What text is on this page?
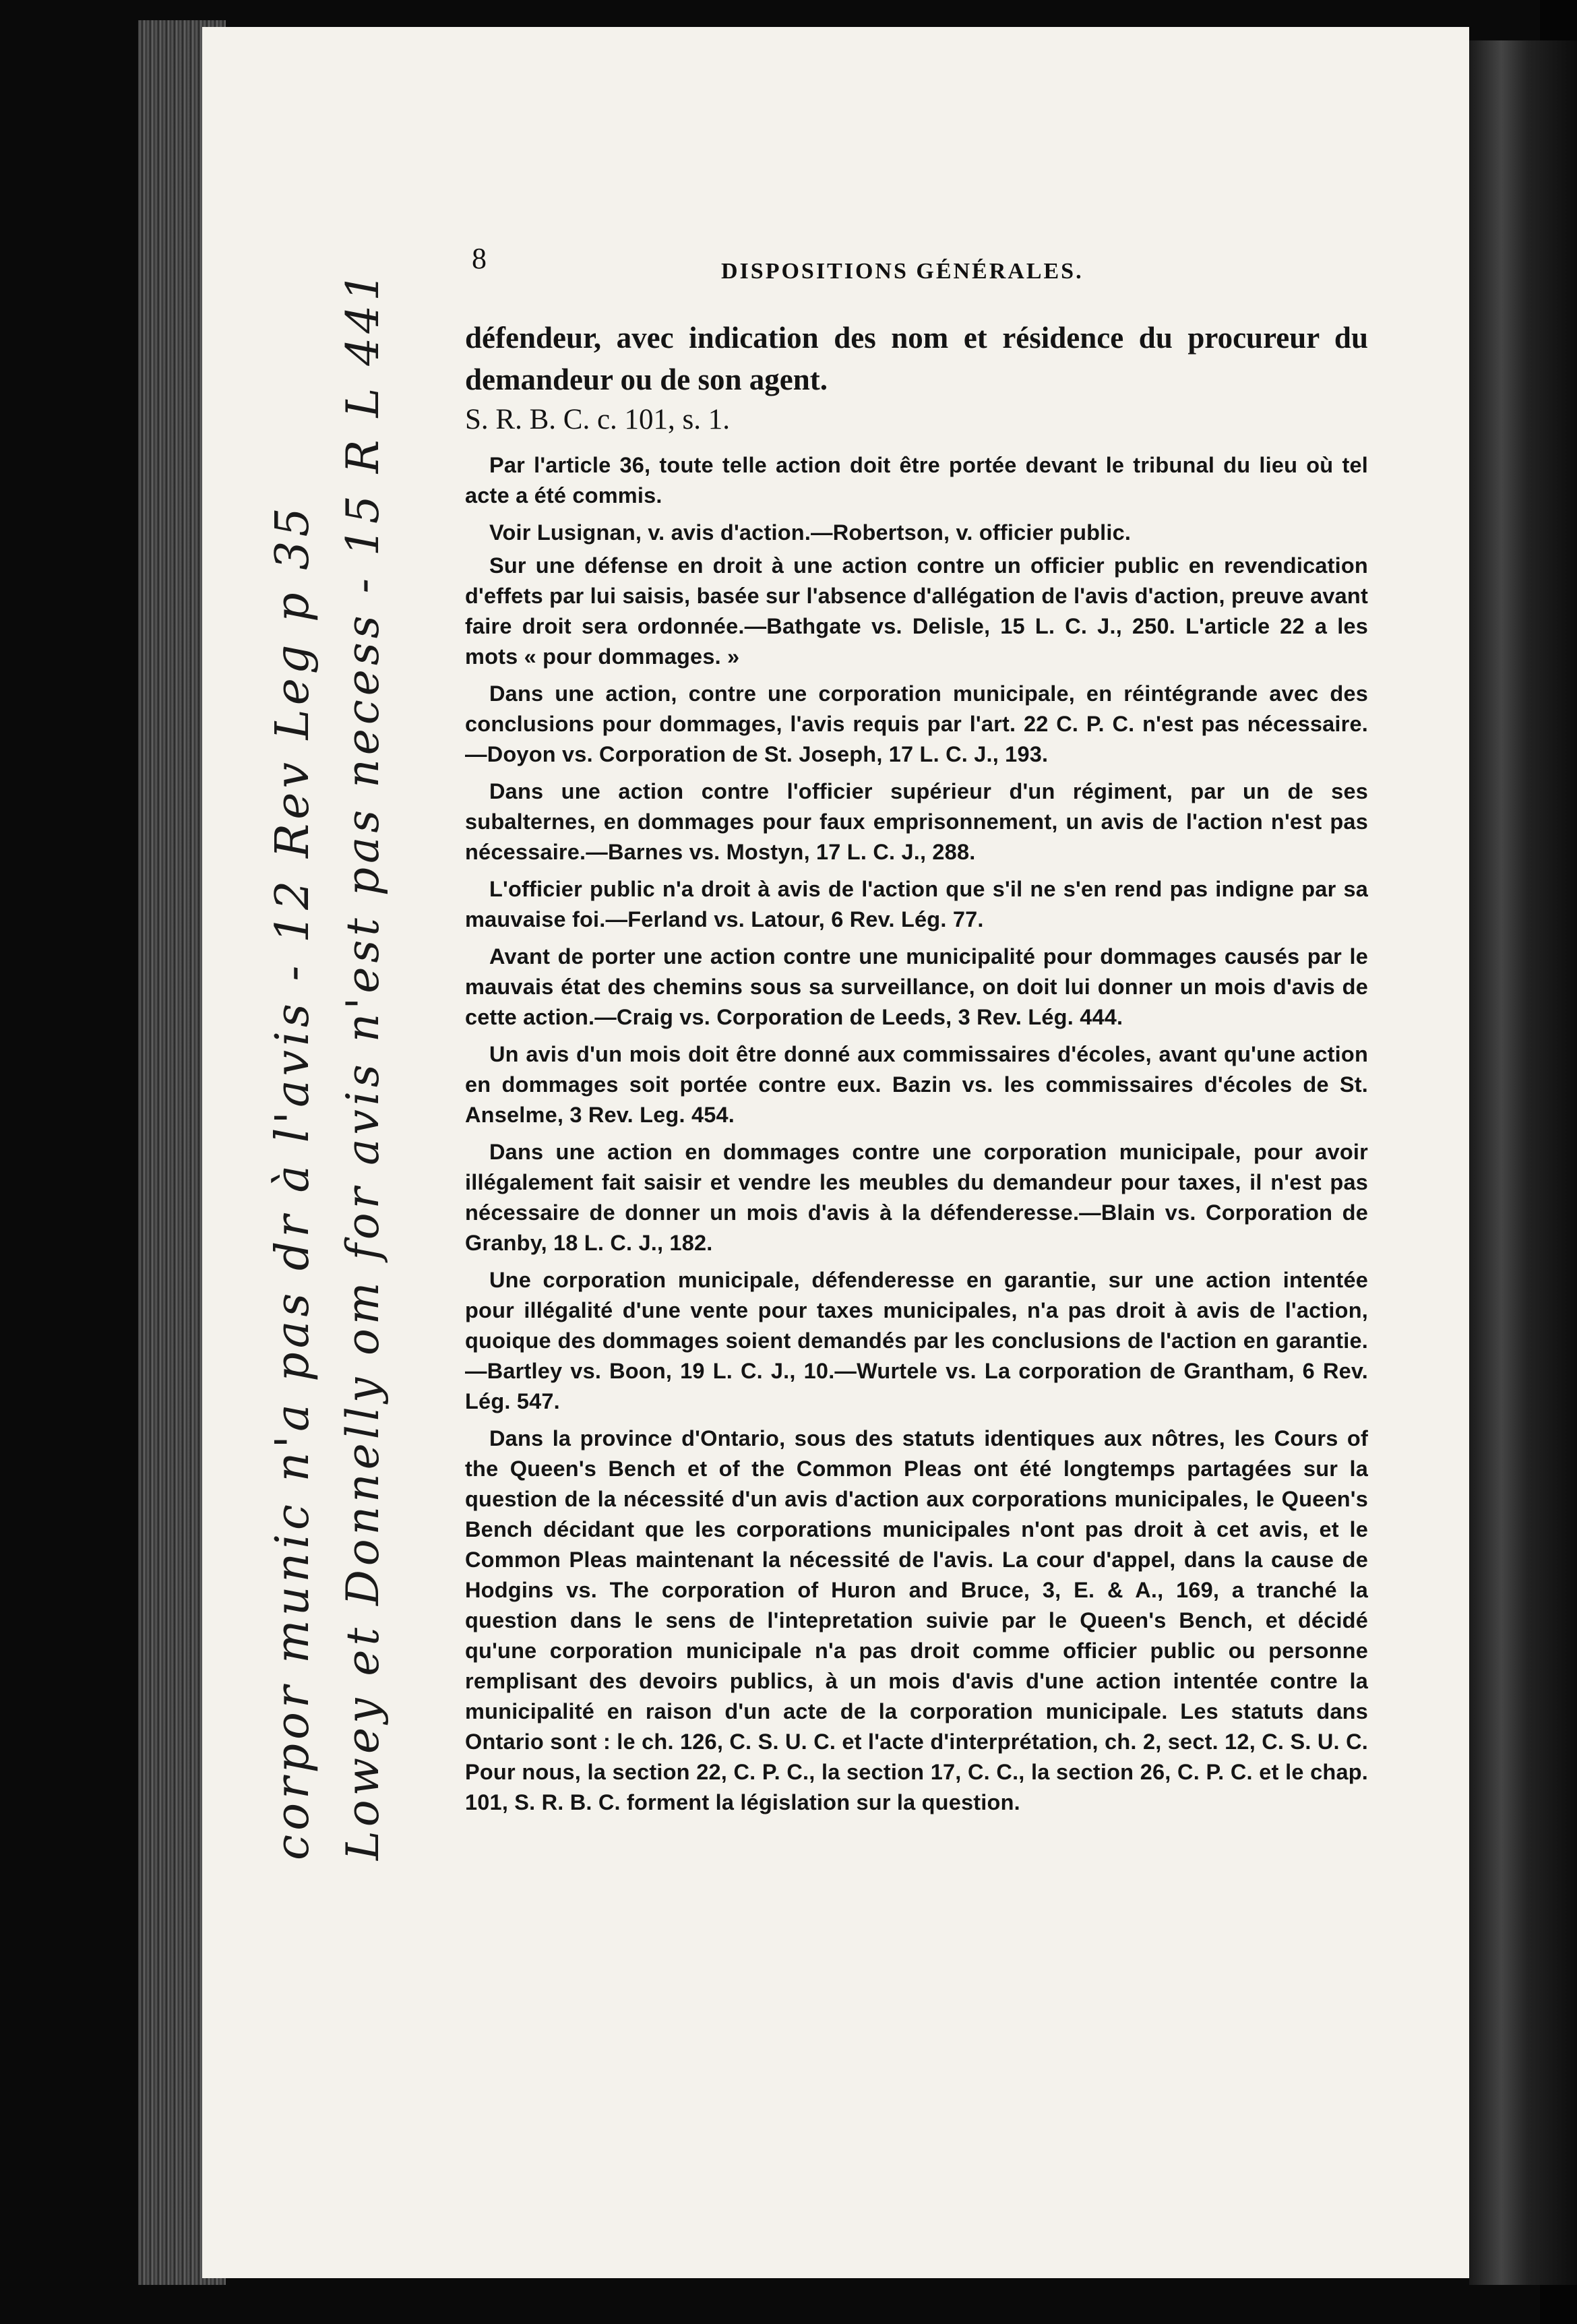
8	DISPOSITIONS GÉNÉRALES.

défendeur, avec indication des nom et résidence du procureur du demandeur ou de son agent.

S. R. B. C. c. 101, s. 1.

Par l'article 36, toute telle action doit être portée devant le tribunal du lieu où tel acte a été commis.

Voir Lusignan, v. avis d'action.—Robertson, v. officier public.

Sur une défense en droit à une action contre un officier public en revendication d'effets par lui saisis, basée sur l'absence d'allégation de l'avis d'action, preuve avant faire droit sera ordonnée.—Bathgate vs. Delisle, 15 L. C. J., 250. L'article 22 a les mots « pour dommages. »

Dans une action, contre une corporation municipale, en réintégrande avec des conclusions pour dommages, l'avis requis par l'art. 22 C. P. C. n'est pas nécessaire.—Doyon vs. Corporation de St. Joseph, 17 L. C. J., 193.

Dans une action contre l'officier supérieur d'un régiment, par un de ses subalternes, en dommages pour faux emprisonnement, un avis de l'action n'est pas nécessaire.—Barnes vs. Mostyn, 17 L. C. J., 288.

L'officier public n'a droit à avis de l'action que s'il ne s'en rend pas indigne par sa mauvaise foi.—Ferland vs. Latour, 6 Rev. Lég. 77.

Avant de porter une action contre une municipalité pour dommages causés par le mauvais état des chemins sous sa surveillance, on doit lui donner un mois d'avis de cette action.—Craig vs. Corporation de Leeds, 3 Rev. Lég. 444.

Un avis d'un mois doit être donné aux commissaires d'écoles, avant qu'une action en dommages soit portée contre eux. Bazin vs. les commissaires d'écoles de St. Anselme, 3 Rev. Leg. 454.

Dans une action en dommages contre une corporation municipale, pour avoir illégalement fait saisir et vendre les meubles du demandeur pour taxes, il n'est pas nécessaire de donner un mois d'avis à la défenderesse.—Blain vs. Corporation de Granby, 18 L. C. J., 182.

Une corporation municipale, défenderesse en garantie, sur une action intentée pour illégalité d'une vente pour taxes municipales, n'a pas droit à avis de l'action, quoique des dommages soient demandés par les conclusions de l'action en garantie.—Bartley vs. Boon, 19 L. C. J., 10.—Wurtele vs. La corporation de Grantham, 6 Rev. Lég. 547.

Dans la province d'Ontario, sous des statuts identiques aux nôtres, les Cours of the Queen's Bench et of the Common Pleas ont été longtemps partagées sur la question de la nécessité d'un avis d'action aux corporations municipales, le Queen's Bench décidant que les corporations municipales n'ont pas droit à cet avis, et le Common Pleas maintenant la nécessité de l'avis. La cour d'appel, dans la cause de Hodgins vs. The corporation of Huron and Bruce, 3, E. & A., 169, a tranché la question dans le sens de l'intepretation suivie par le Queen's Bench, et décidé qu'une corporation municipale n'a pas droit comme officier public ou personne remplisant des devoirs publics, à un mois d'avis d'une action intentée contre la municipalité en raison d'un acte de la corporation municipale. Les statuts dans Ontario sont : le ch. 126, C. S. U. C. et l'acte d'interprétation, ch. 2, sect. 12, C. S. U. C. Pour nous, la section 22, C. P. C., la section 17, C. C., la section 26, C. P. C. et le chap. 101, S. R. B. C. forment la législation sur la question.

corpor munic n'a pas dr à l'avis - 12 Rev Leg p 35 Lowey et Donnelly om for avis n'est pas necess - 15 R L 441
